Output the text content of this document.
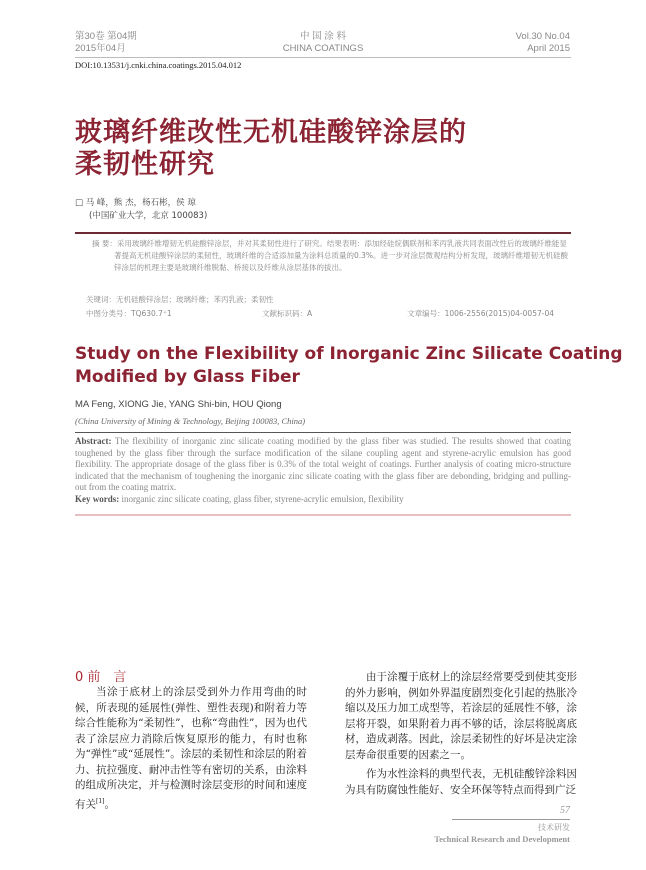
第30卷 第04期
2015年04月
中 国 涂 料
CHINA COATINGS
Vol.30 No.04
April 2015
DOI:10.13531/j.cnki.china.coatings.2015.04.012
玻璃纤维改性无机硅酸锌涂层的
柔韧性研究
□ 马 峰，熊 杰，杨石彬，侯 琼
(中国矿业大学，北京 100083)
摘 要：采用玻璃纤维增韧无机硅酸锌涂层，并对其柔韧性进行了研究。结果表明：添加经硅烷偶联剂和苯丙乳液共同表面改性后的玻璃纤维能显著提高无机硅酸锌涂层的柔韧性，玻璃纤维的合适添加量为涂料总质量的0.3%。进一步对涂层微观结构分析发现，玻璃纤维增韧无机硅酸锌涂层的机理主要是玻璃纤维脱黏、桥接以及纤维从涂层基体的拔出。
关键词：无机硅酸锌涂层；玻璃纤维；苯丙乳液；柔韧性
中图分类号：TQ630.7⁺1	文献标识码：A	文章编号：1006-2556(2015)04-0057-04
Study on the Flexibility of Inorganic Zinc Silicate Coating
Modified by Glass Fiber
MA Feng, XIONG Jie, YANG Shi-bin, HOU Qiong
(China University of Mining & Technology, Beijing 100083, China)
Abstract: The flexibility of inorganic zinc silicate coating modified by the glass fiber was studied. The results showed that coating toughened by the glass fiber through the surface modification of the silane coupling agent and styrene-acrylic emulsion has good flexibility. The appropriate dosage of the glass fiber is 0.3% of the total weight of coatings. Further analysis of coating micro-structure indicated that the mechanism of toughening the inorganic zinc silicate coating with the glass fiber are debonding, bridging and pulling-out from the coating matrix.
Key words: inorganic zinc silicate coating, glass fiber, styrene-acrylic emulsion, flexibility
0 前　言

当涂于底材上的涂层受到外力作用弯曲的时候，所表现的延展性(弹性、塑性表现)和附着力等综合性能称为“柔韧性”，也称“弯曲性”，因为也代表了涂层应力消除后恢复原形的能力，有时也称为“弹性”或“延展性”。涂层的柔韧性和涂层的附着力、抗拉强度、耐冲击性等有密切的关系，由涂料的组成所决定，并与检测时涂层变形的时间和速度有关[1]。

由于涂覆于底材上的涂层经常要受到使其变形的外力影响，例如外界温度剧烈变化引起的热胀冷缩以及压力加工成型等，若涂层的延展性不够，涂层将开裂，如果附着力再不够的话，涂层将脱离底材，造成剥落。因此，涂层柔韧性的好坏是决定涂层寿命很重要的因素之一。

作为水性涂料的典型代表，无机硅酸锌涂料因为具有防腐蚀性能好、安全环保等特点而得到广泛

57
技术研发
Technical Research and Development
